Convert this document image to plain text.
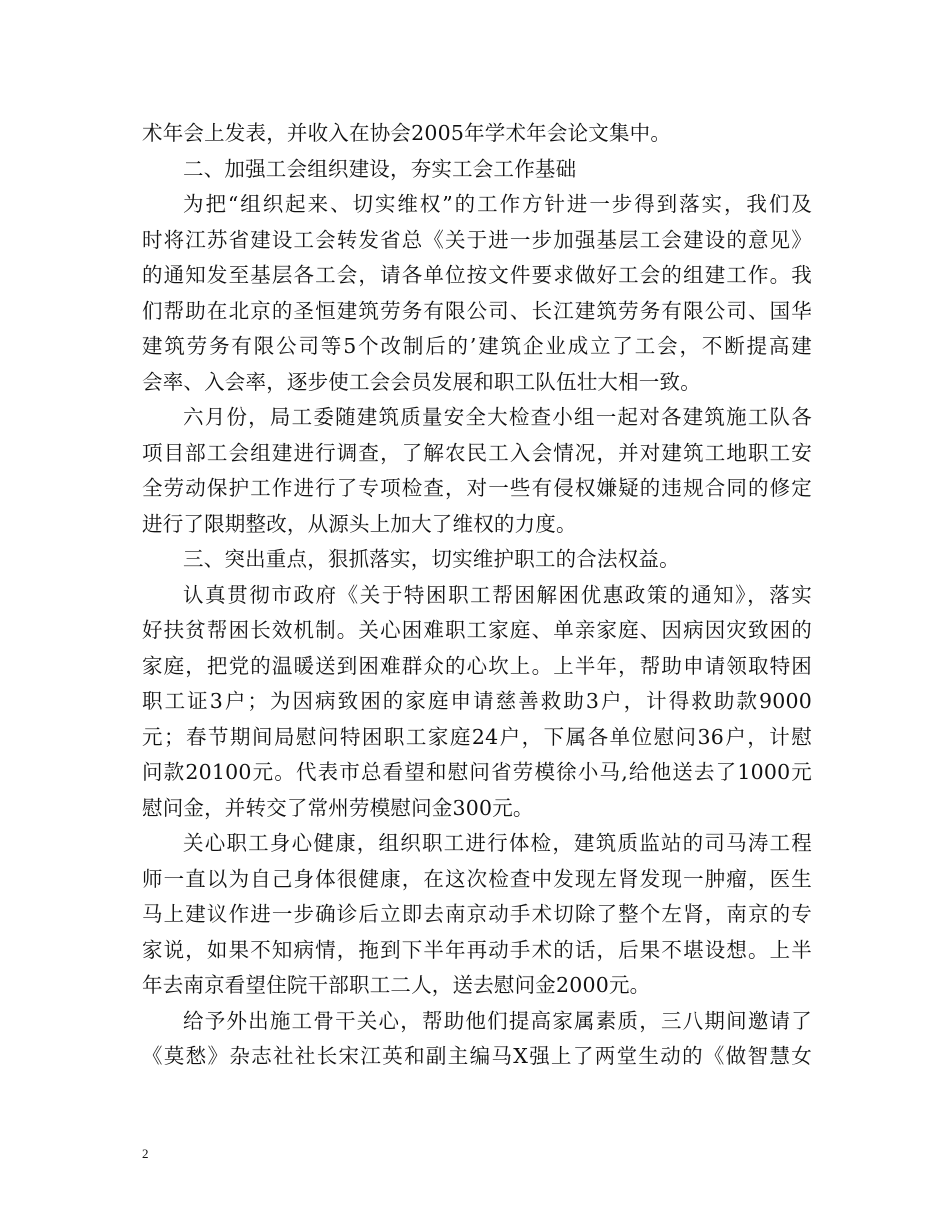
术年会上发表，并收入在协会2005年学术年会论文集中。
二、加强工会组织建设，夯实工会工作基础
为把“组织起来、切实维权”的工作方针进一步得到落实，我们及
时将江苏省建设工会转发省总《关于进一步加强基层工会建设的意见》
的通知发至基层各工会，请各单位按文件要求做好工会的组建工作。我
们帮助在北京的圣恒建筑劳务有限公司、长江建筑劳务有限公司、国华
建筑劳务有限公司等5个改制后的’建筑企业成立了工会，不断提高建
会率、入会率，逐步使工会会员发展和职工队伍壮大相一致。
六月份，局工委随建筑质量安全大检查小组一起对各建筑施工队各
项目部工会组建进行调查，了解农民工入会情况，并对建筑工地职工安
全劳动保护工作进行了专项检查，对一些有侵权嫌疑的违规合同的修定
进行了限期整改，从源头上加大了维权的力度。
三、突出重点，狠抓落实，切实维护职工的合法权益。
认真贯彻市政府《关于特困职工帮困解困优惠政策的通知》，落实
好扶贫帮困长效机制。关心困难职工家庭、单亲家庭、因病因灾致困的
家庭，把党的温暖送到困难群众的心坎上。上半年，帮助申请领取特困
职工证3户；为因病致困的家庭申请慈善救助3户，计得救助款9000
元；春节期间局慰问特困职工家庭24户，下属各单位慰问36户，计慰
问款20100元。代表市总看望和慰问省劳模徐小马,给他送去了1000元
慰问金，并转交了常州劳模慰问金300元。
关心职工身心健康，组织职工进行体检，建筑质监站的司马涛工程
师一直以为自己身体很健康，在这次检查中发现左肾发现一肿瘤，医生
马上建议作进一步确诊后立即去南京动手术切除了整个左肾，南京的专
家说，如果不知病情，拖到下半年再动手术的话，后果不堪设想。上半
年去南京看望住院干部职工二人，送去慰问金2000元。
给予外出施工骨干关心，帮助他们提高家属素质，三八期间邀请了
《莫愁》杂志社社长宋江英和副主编马X强上了两堂生动的《做智慧女
2
